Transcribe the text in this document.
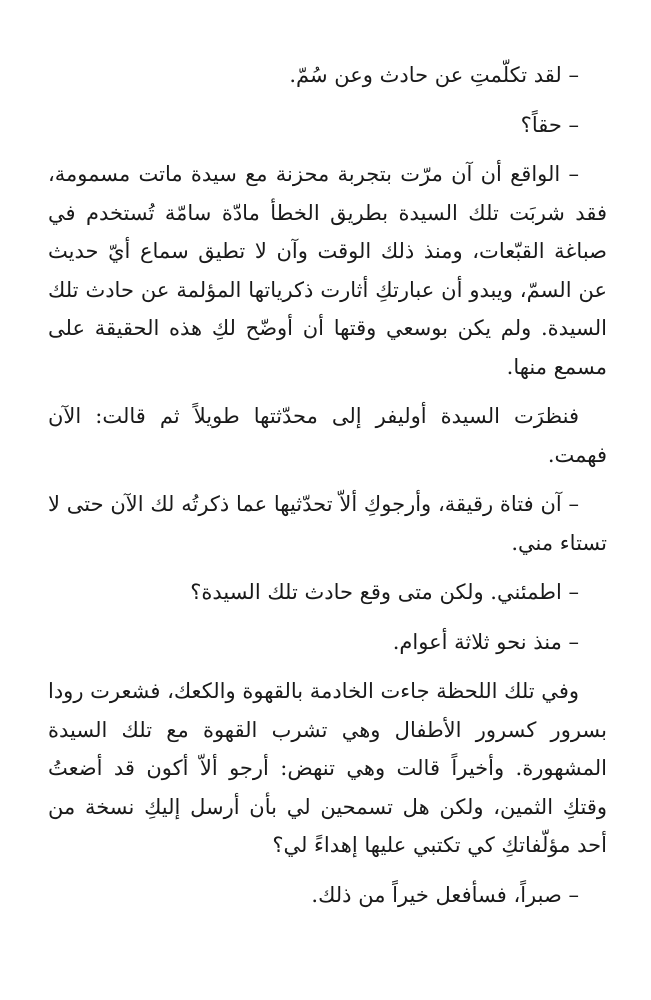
– لقد تكلّمتِ عن حادث وعن سُمّ.

– حقاً؟

– الواقع أن آن مرّت بتجربة محزنة مع سيدة ماتت مسمومة، فقد شربَت تلك السيدة بطريق الخطأ مادّة سامّة تُستخدم في صباغة القبّعات، ومنذ ذلك الوقت وآن لا تطيق سماع أيّ حديث عن السمّ، ويبدو أن عبارتكِ أثارت ذكرياتها المؤلمة عن حادث تلك السيدة. ولم يكن بوسعي وقتها أن أوضّح لكِ هذه الحقيقة على مسمع منها.

فنظرَت السيدة أوليفر إلى محدّثتها طويلاً ثم قالت: الآن فهمت.

– آن فتاة رقيقة، وأرجوكِ ألاّ تحدّثيها عما ذكرتُه لك الآن حتى لا تستاء مني.

– اطمئني. ولكن متى وقع حادث تلك السيدة؟

– منذ نحو ثلاثة أعوام.

وفي تلك اللحظة جاءت الخادمة بالقهوة والكعك، فشعرت رودا بسرور كسرور الأطفال وهي تشرب القهوة مع تلك السيدة المشهورة. وأخيراً قالت وهي تنهض: أرجو ألاّ أكون قد أضعتُ وقتكِ الثمين، ولكن هل تسمحين لي بأن أرسل إليكِ نسخة من أحد مؤلّفاتكِ كي تكتبي عليها إهداءً لي؟

– صبراً، فسأفعل خيراً من ذلك.
